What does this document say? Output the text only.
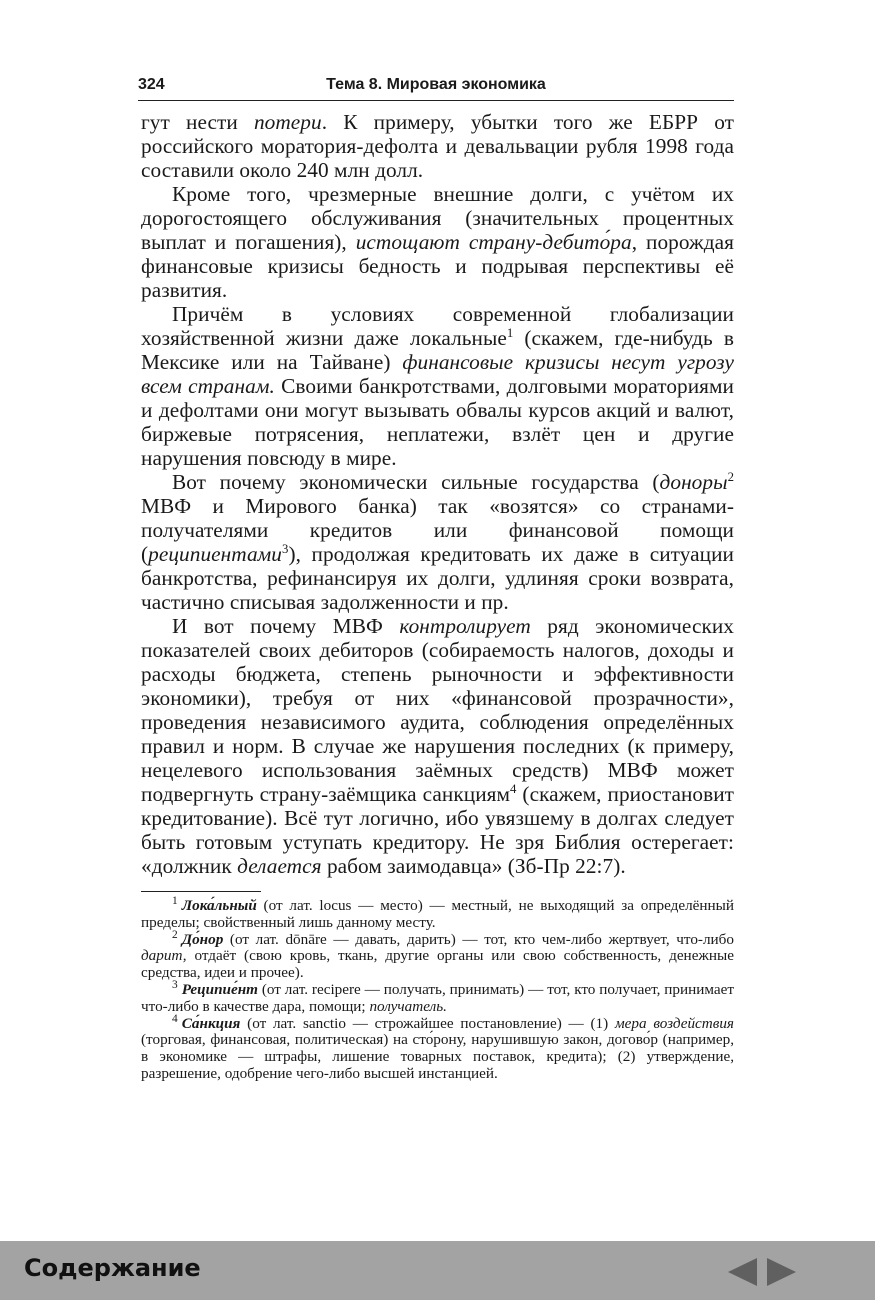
324	Тема 8. Мировая экономика

гут нести потери. К примеру, убытки того же ЕБРР от российского моратория-дефолта и девальвации рубля 1998 года составили около 240 млн долл.

Кроме того, чрезмерные внешние долги, с учётом их дорогостоящего обслуживания (значительных процентных выплат и погашения), истощают страну-дебито́ра, порождая финансовые кризисы бедность и подрывая перспективы её развития.

Причём в условиях современной глобализации хозяйственной жизни даже локальные$^1$ (скажем, где-нибудь в Мексике или на Тайване) финансовые кризисы несут угрозу всем странам. Своими банкротствами, долговыми мораториями и дефолтами они могут вызывать обвалы курсов акций и валют, биржевые потрясения, неплатежи, взлёт цен и другие нарушения повсюду в мире.

Вот почему экономически сильные государства (доноры$^2$ МВФ и Мирового банка) так «возятся» со странами-получателями кредитов или финансовой помощи (реципиентами$^3$), продолжая кредитовать их даже в ситуации банкротства, рефинансируя их долги, удлиняя сроки возврата, частично списывая задолженности и пр.

И вот почему МВФ контролирует ряд экономических показателей своих дебиторов (собираемость налогов, доходы и расходы бюджета, степень рыночности и эффективности экономики), требуя от них «финансовой прозрачности», проведения независимого аудита, соблюдения определённых правил и норм. В случае же нарушения последних (к примеру, нецелевого использования заёмных средств) МВФ может подвергнуть страну-заёмщика санкциям$^4$ (скажем, приостановит кредитование). Всё тут логично, ибо увязшему в долгах следует быть готовым уступать кредитору. Не зря Библия остерегает: «должник делается рабом заимодавца» (Зб-Пр 22:7).

$^1$ Лока́льный (от лат. locus — место) — местный, не выходящий за определённый пределы; свойственный лишь данному месту.

$^2$ До́нор (от лат. dōnāre — давать, дарить) — тот, кто чем-либо жертвует, что-либо дарит, отдаёт (свою кровь, ткань, другие органы или свою собственность, денежные средства, идеи и прочее).

$^3$ Реципие́нт (от лат. recipere — получать, принимать) — тот, кто получает, принимает что-либо в качестве дара, помощи; получатель.

$^4$ Са́нкция (от лат. sanctio — строжайшее постановление) — (1) мера воздействия (торговая, финансовая, политическая) на сто́рону, нарушившую закон, догово́р (например, в экономике — штрафы, лишение товарных поставок, кредита); (2) утверждение, разрешение, одобрение чего-либо высшей инстанцией.

Содержание
